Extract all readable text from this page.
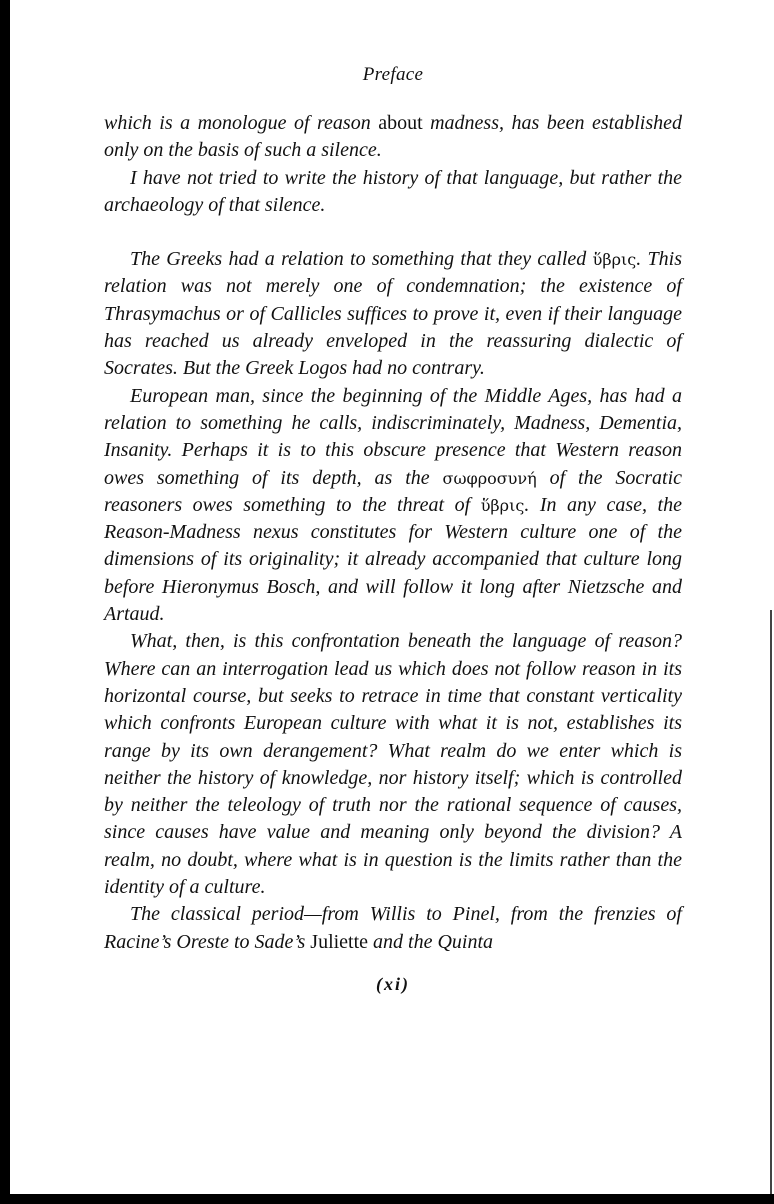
Preface

which is a monologue of reason about madness, has been established only on the basis of such a silence.

I have not tried to write the history of that language, but rather the archaeology of that silence.

The Greeks had a relation to something that they called ὕβρις. This relation was not merely one of condemnation; the existence of Thrasymachus or of Callicles suffices to prove it, even if their language has reached us already enveloped in the reassuring dialectic of Socrates. But the Greek Logos had no contrary.

European man, since the beginning of the Middle Ages, has had a relation to something he calls, indiscriminately, Madness, Dementia, Insanity. Perhaps it is to this obscure presence that Western reason owes something of its depth, as the σωφροσυνή of the Socratic reasoners owes something to the threat of ὕβρις. In any case, the Reason-Madness nexus constitutes for Western culture one of the dimensions of its originality; it already accompanied that culture long before Hieronymus Bosch, and will follow it long after Nietzsche and Artaud.

What, then, is this confrontation beneath the language of reason? Where can an interrogation lead us which does not follow reason in its horizontal course, but seeks to retrace in time that constant verticality which confronts European culture with what it is not, establishes its range by its own derangement? What realm do we enter which is neither the history of knowledge, nor history itself; which is controlled by neither the teleology of truth nor the rational sequence of causes, since causes have value and meaning only beyond the division? A realm, no doubt, where what is in question is the limits rather than the identity of a culture.

The classical period—from Willis to Pinel, from the frenzies of Racine’s Oreste to Sade’s Juliette and the Quinta

(xi)
